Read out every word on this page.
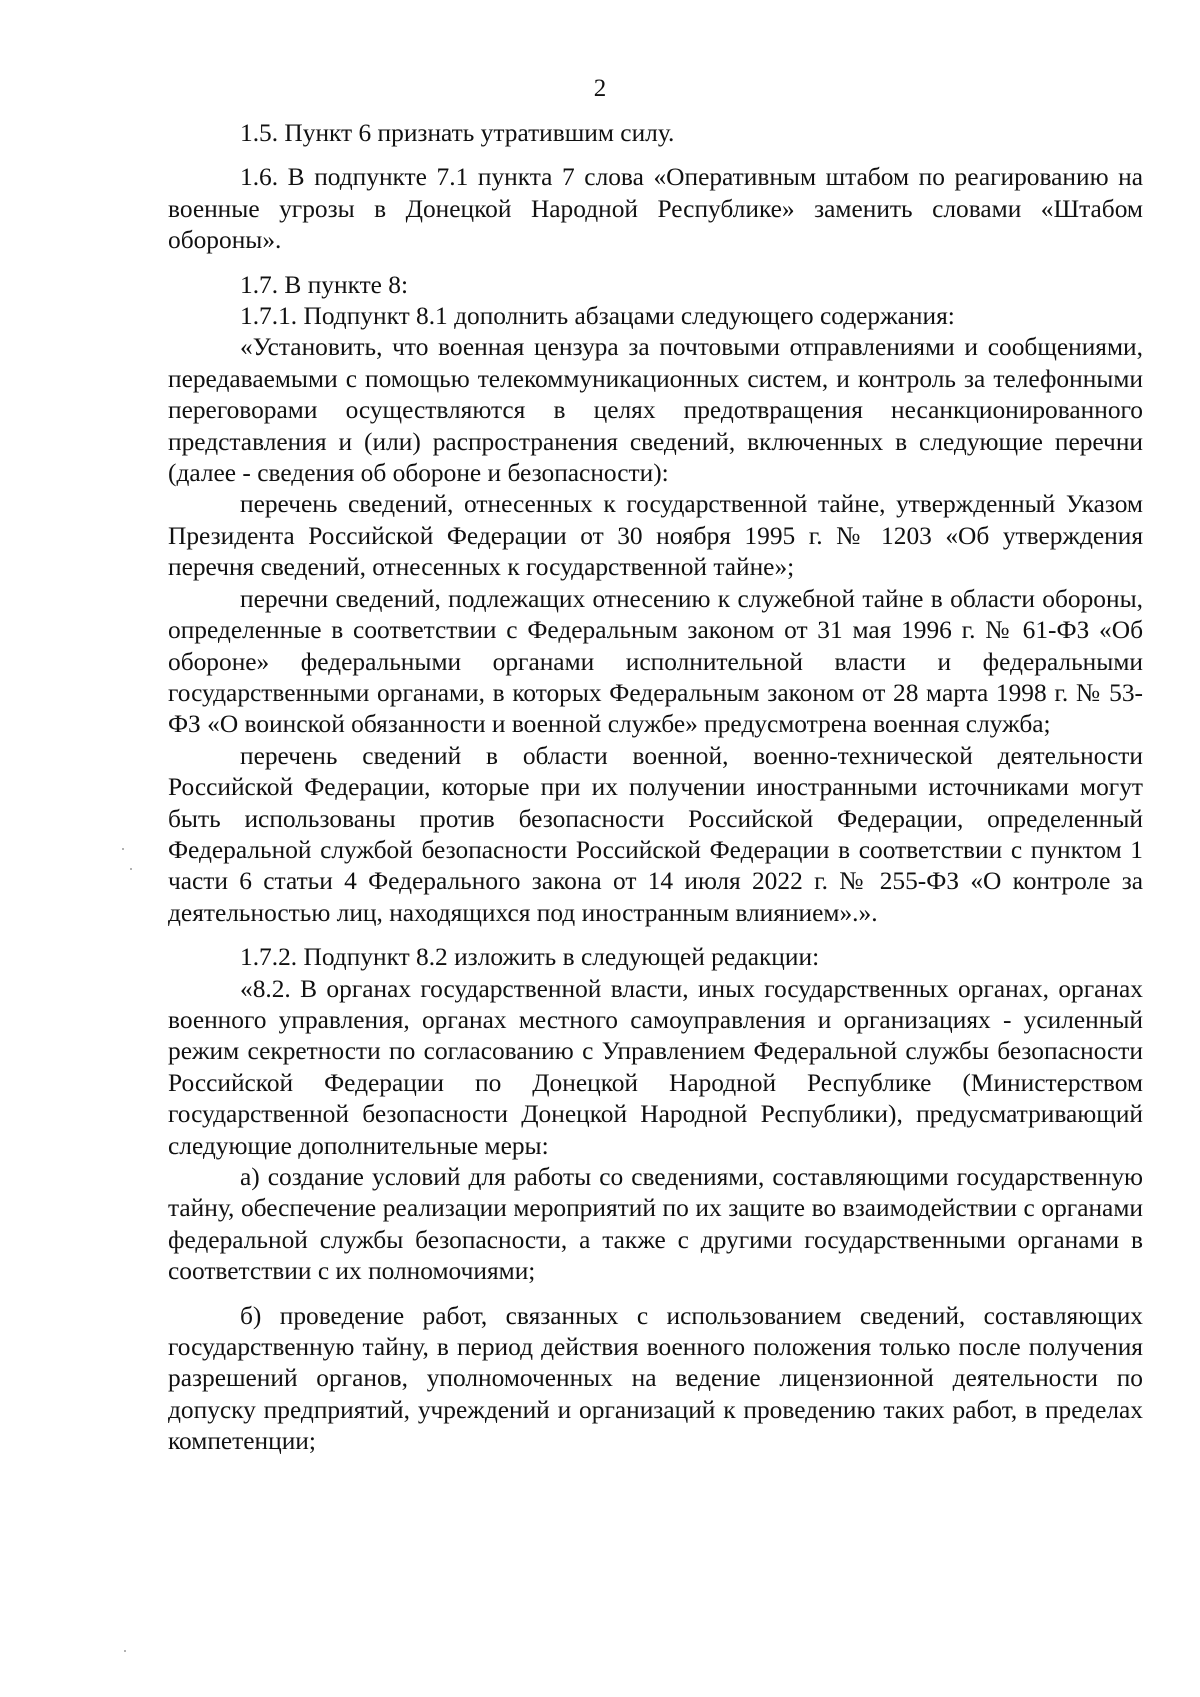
2

1.5. Пункт 6 признать утратившим силу.

1.6. В подпункте 7.1 пункта 7 слова «Оперативным штабом по реагированию на военные угрозы в Донецкой Народной Республике» заменить словами «Штабом обороны».

1.7. В пункте 8:

1.7.1. Подпункт 8.1 дополнить абзацами следующего содержания:

«Установить, что военная цензура за почтовыми отправлениями и сообщениями, передаваемыми с помощью телекоммуникационных систем, и контроль за телефонными переговорами осуществляются в целях предотвращения несанкционированного представления и (или) распространения сведений, включенных в следующие перечни (далее - сведения об обороне и безопасности):

перечень сведений, отнесенных к государственной тайне, утвержденный Указом Президента Российской Федерации от 30 ноября 1995 г. № 1203 «Об утверждения перечня сведений, отнесенных к государственной тайне»;

перечни сведений, подлежащих отнесению к служебной тайне в области обороны, определенные в соответствии с Федеральным законом от 31 мая 1996 г. № 61-ФЗ «Об обороне» федеральными органами исполнительной власти и федеральными государственными органами, в которых Федеральным законом от 28 марта 1998 г. № 53-ФЗ «О воинской обязанности и военной службе» предусмотрена военная служба;

перечень сведений в области военной, военно-технической деятельности Российской Федерации, которые при их получении иностранными источниками могут быть использованы против безопасности Российской Федерации, определенный Федеральной службой безопасности Российской Федерации в соответствии с пунктом 1 части 6 статьи 4 Федерального закона от 14 июля 2022 г. № 255-ФЗ «О контроле за деятельностью лиц, находящихся под иностранным влиянием».».

1.7.2. Подпункт 8.2 изложить в следующей редакции:

«8.2. В органах государственной власти, иных государственных органах, органах военного управления, органах местного самоуправления и организациях - усиленный режим секретности по согласованию с Управлением Федеральной службы безопасности Российской Федерации по Донецкой Народной Республике (Министерством государственной безопасности Донецкой Народной Республики), предусматривающий следующие дополнительные меры:

а) создание условий для работы со сведениями, составляющими государственную тайну, обеспечение реализации мероприятий по их защите во взаимодействии с органами федеральной службы безопасности, а также с другими государственными органами в соответствии с их полномочиями;

б) проведение работ, связанных с использованием сведений, составляющих государственную тайну, в период действия военного положения только после получения разрешений органов, уполномоченных на ведение лицензионной деятельности по допуску предприятий, учреждений и организаций к проведению таких работ, в пределах компетенции;
